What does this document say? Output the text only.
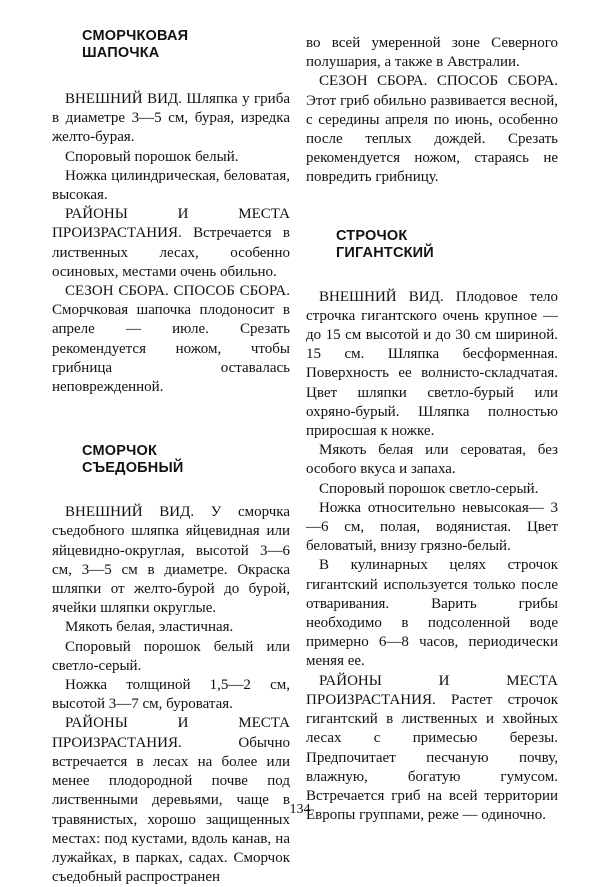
СМОРЧКОВАЯ
ШАПОЧКА

ВНЕШНИЙ ВИД. Шляпка у гриба в диаметре 3—5 см, бурая, изредка желто-бурая.

Споровый порошок белый.

Ножка цилиндрическая, беловатая, высокая.

РАЙОНЫ И МЕСТА ПРОИЗРАСТАНИЯ. Встречается в лиственных лесах, особенно осиновых, местами очень обильно.

СЕЗОН СБОРА. СПОСОБ СБОРА. Сморчковая шапочка плодоносит в апреле — июле. Срезать рекомендуется ножом, чтобы грибница оставалась неповрежденной.

СМОРЧОК
СЪЕДОБНЫЙ

ВНЕШНИЙ ВИД. У сморчка съедобного шляпка яйцевидная или яйцевидно-округлая, высотой 3—6 см, 3—5 см в диаметре. Окраска шляпки от желто-бурой до бурой, ячейки шляпки округлые.

Мякоть белая, эластичная.

Споровый порошок белый или светло-серый.

Ножка толщиной 1,5—2 см, высотой 3—7 см, буроватая.

РАЙОНЫ И МЕСТА ПРОИЗРАСТАНИЯ. Обычно встречается в лесах на более или менее плодородной почве под лиственными деревьями, чаще в травянистых, хорошо защищенных местах: под кустами, вдоль канав, на лужайках, в парках, садах. Сморчок съедобный распространен

во всей умеренной зоне Северного полушария, а также в Австралии.

СЕЗОН СБОРА. СПОСОБ СБОРА. Этот гриб обильно развивается весной, с середины апреля по июнь, особенно после теплых дождей. Срезать рекомендуется ножом, стараясь не повредить грибницу.

СТРОЧОК
ГИГАНТСКИЙ

ВНЕШНИЙ ВИД. Плодовое тело строчка гигантского очень крупное — до 15 см высотой и до 30 см шириной. 15 см. Шляпка бесформенная. Поверхность ее волнисто-складчатая. Цвет шляпки светло-бурый или охряно-бурый. Шляпка полностью приросшая к ножке.

Мякоть белая или сероватая, без особого вкуса и запаха.

Споровый порошок светло-серый.

Ножка относительно невысокая— 3—6 см, полая, водянистая. Цвет беловатый, внизу грязно-белый.

В кулинарных целях строчок гигантский используется только после отваривания. Варить грибы необходимо в подсоленной воде примерно 6—8 часов, периодически меняя ее.

РАЙОНЫ И МЕСТА ПРОИЗРАСТАНИЯ. Растет строчок гигантский в лиственных и хвойных лесах с примесью березы. Предпочитает песчаную почву, влажную, богатую гумусом. Встречается гриб на всей территории Европы группами, реже — одиночно.

134
